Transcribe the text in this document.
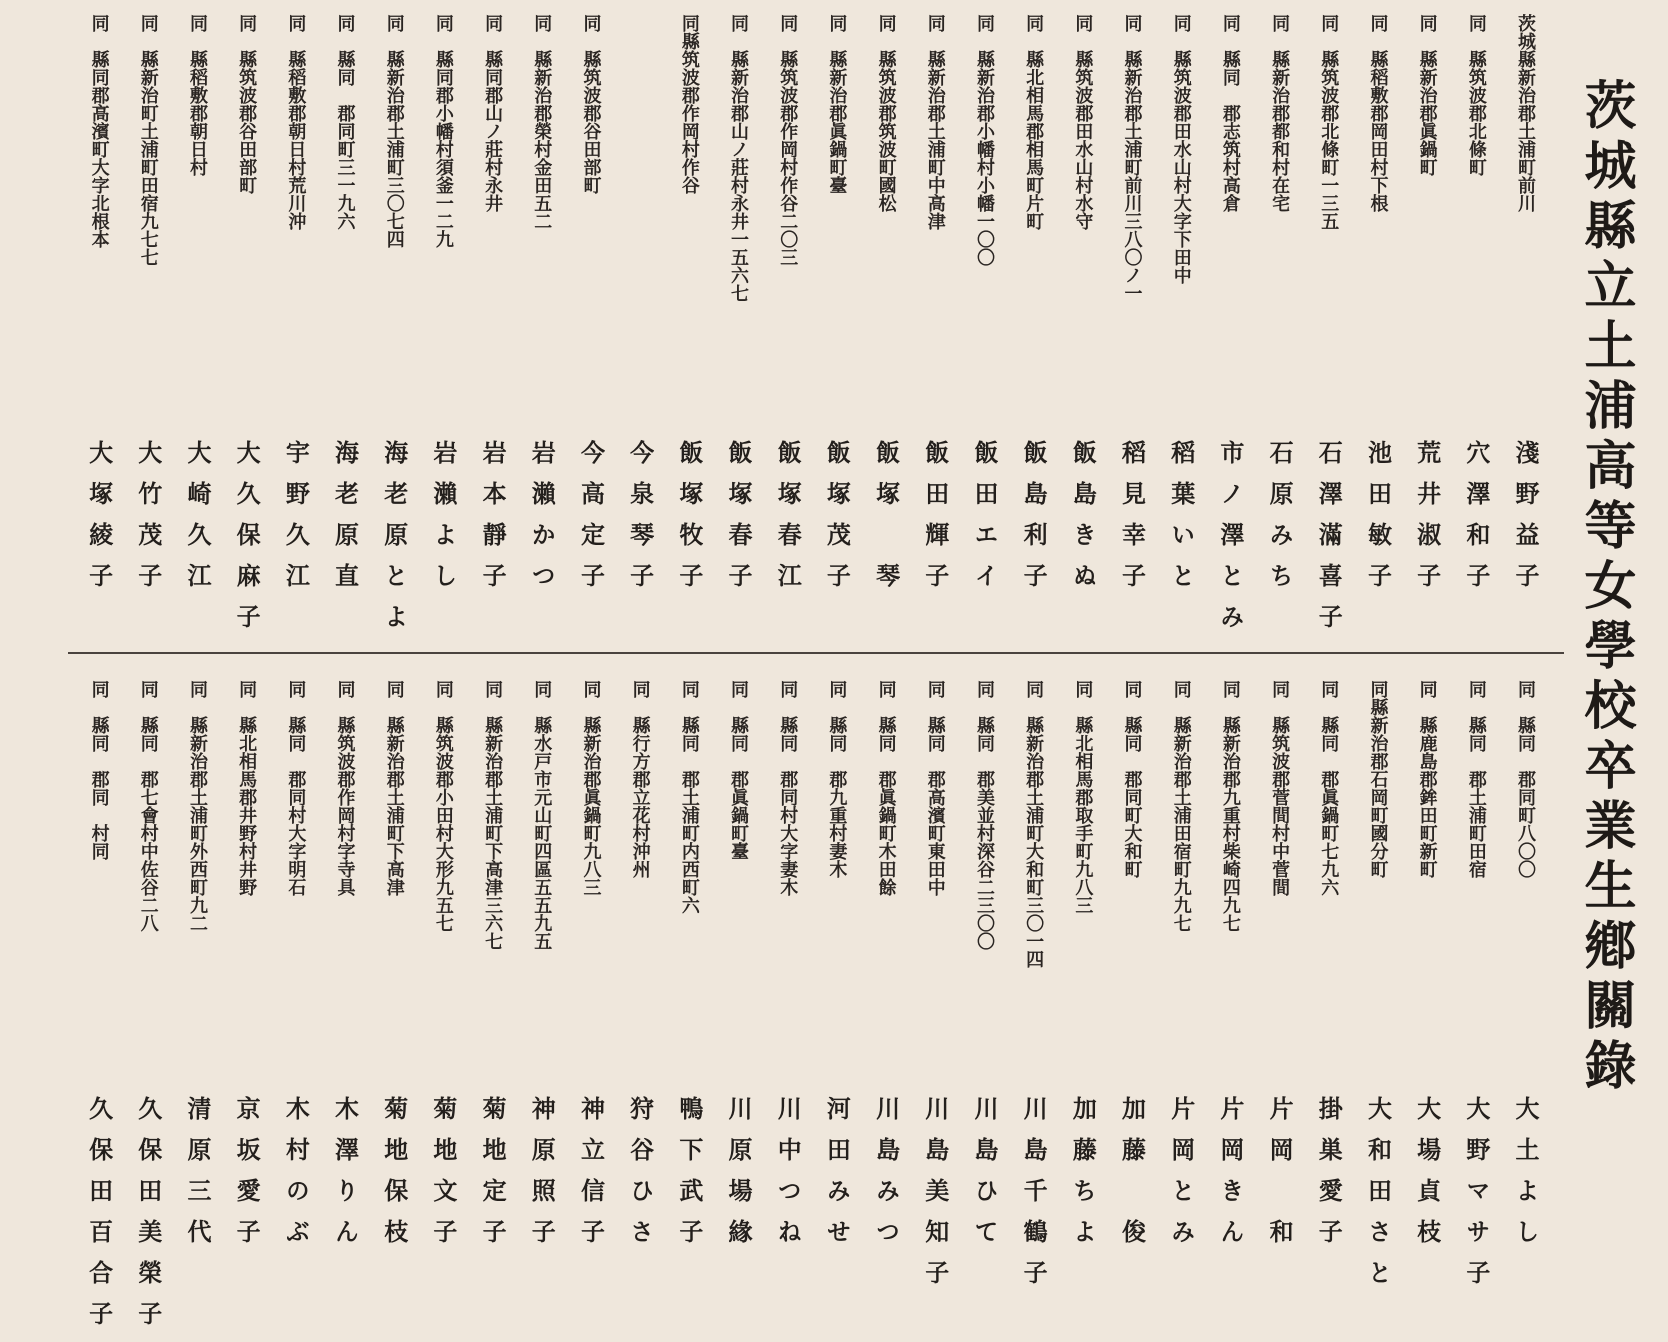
茨城縣立土浦高等女學校卒業生鄕關錄
茨城縣新治郡土浦町前川
淺野益子
同　縣筑波郡北條町
穴澤和子
同　縣新治郡眞鍋町
荒井淑子
同　縣稻敷郡岡田村下根
池田敏子
同　縣筑波郡北條町一三五
石澤滿喜子
同　縣新治郡都和村在宅
石原みち
同　縣同　郡志筑村高倉
市ノ澤とみ
同　縣筑波郡田水山村大字下田中
稻葉いと
同　縣新治郡土浦町前川三八〇ノ一
稻見幸子
同　縣筑波郡田水山村水守
飯島きぬ
同　縣北相馬郡相馬町片町
飯島利子
同　縣新治郡小幡村小幡一〇〇
飯田エイ
同　縣新治郡土浦町中高津
飯田輝子
同　縣筑波郡筑波町國松
飯塚　琴
同　縣新治郡眞鍋町臺
飯塚茂子
同　縣筑波郡作岡村作谷二〇三
飯塚春江
同　縣新治郡山ノ莊村永井一五六七
飯塚春子
同縣筑波郡作岡村作谷
飯塚牧子
今泉琴子
同　縣筑波郡谷田部町
今高定子
同　縣新治郡榮村金田五二
岩瀨かつ
同　縣同郡山ノ莊村永井
岩本靜子
同　縣同郡小幡村須釜一二九
岩瀨よし
同　縣新治郡土浦町三〇七四
海老原とよ
同　縣同　郡同町三一九六
海老原直
同　縣稻敷郡朝日村荒川沖
宇野久江
同　縣筑波郡谷田部町
大久保麻子
同　縣稻敷郡朝日村
大崎久江
同　縣新治町土浦町田宿九七七
大竹茂子
同　縣同郡高濱町大字北根本
大塚綾子
同　縣同　郡同町八〇〇
大土よし
同　縣同　郡土浦町田宿
大野マサ子
同　縣鹿島郡鉾田町新町
大場貞枝
同縣新治郡石岡町國分町
大和田さと
同　縣同　郡眞鍋町七九六
掛巣愛子
同　縣筑波郡菅間村中菅間
片岡　和
同　縣新治郡九重村柴崎四九七
片岡きん
同　縣新治郡土浦田宿町九九七
片岡とみ
同　縣同　郡同町大和町
加藤　俊
同　縣北相馬郡取手町九八三
加藤ちよ
同　縣新治郡土浦町大和町三〇一四
川島千鶴子
同　縣同　郡美並村深谷二三〇〇
川島ひて
同　縣同　郡高濱町東田中
川島美知子
同　縣同　郡眞鍋町木田餘
川島みつ
同　縣同　郡九重村妻木
河田みせ
同　縣同　郡同村大字妻木
川中つね
同　縣同　郡眞鍋町臺
川原場緣
同　縣同　郡土浦町内西町六
鴨下武子
同　縣行方郡立花村沖州
狩谷ひさ
同　縣新治郡眞鍋町九八三
神立信子
同　縣水戸市元山町四區五五九五
神原照子
同　縣新治郡土浦町下高津三六七
菊地定子
同　縣筑波郡小田村大形九五七
菊地文子
同　縣新治郡土浦町下高津
菊地保枝
同　縣筑波郡作岡村字寺具
木澤りん
同　縣同　郡同村大字明石
木村のぶ
同　縣北相馬郡井野村井野
京坂愛子
同　縣新治郡土浦町外西町九二
清原三代
同　縣同　郡七會村中佐谷二八
久保田美榮子
同　縣同　郡同　村同
久保田百合子
